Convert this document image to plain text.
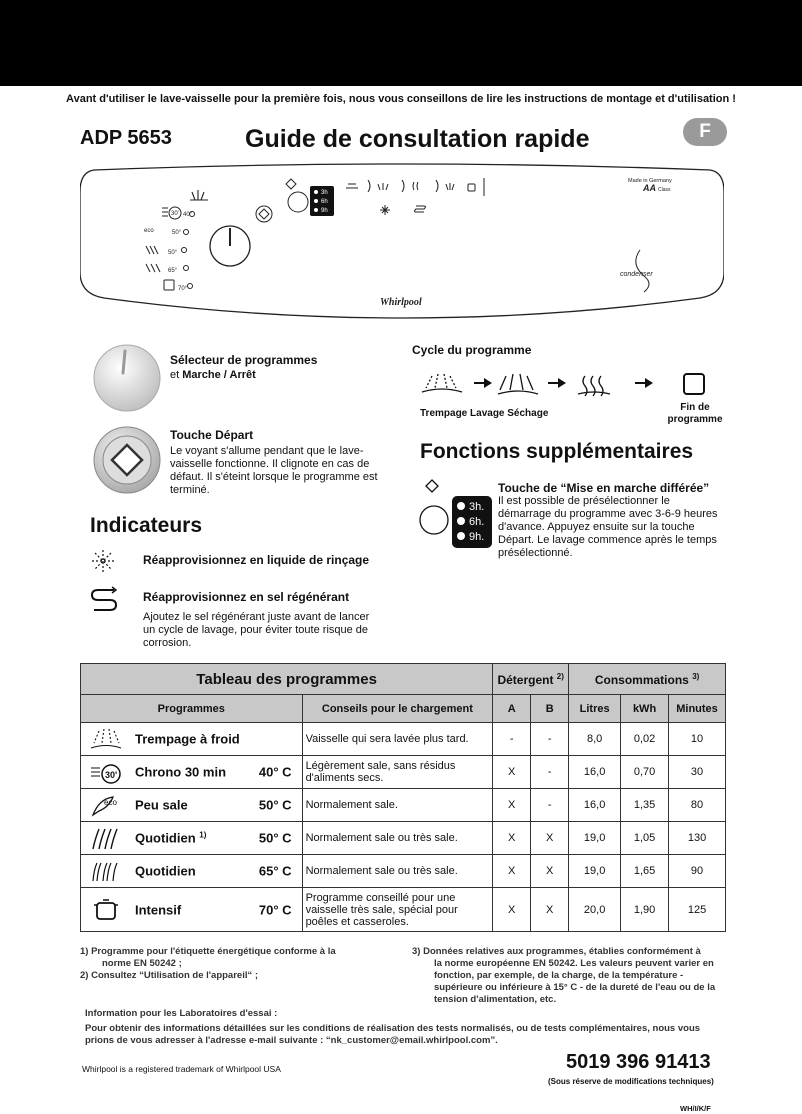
Avant d'utiliser le lave-vaisselle pour la première fois, nous vous conseillons de lire les instructions de montage et d'utilisation !
ADP 5653	Guide de consultation rapide	F
3h
6h
9h
30' 40°
eco	50°
50°
65°
70°
Made in Germany
AA Class
condenser
Whirlpool
Sélecteur de programmes
et Marche / Arrêt
Touche Départ
Le voyant s'allume pendant que le lave-vaisselle fonctionne. Il clignote en cas de défaut. Il s'éteint lorsque le programme est terminé.
Cycle du programme
Trempage Lavage Séchage
Fin de
programme
Fonctions supplémentaires
3h.
6h.
9h.
Touche de “Mise en marche différée”
Il est possible de présélectionner le démarrage du programme avec 3-6-9 heures d'avance. Appuyez ensuite sur la touche Départ. Le lavage commence après le temps présélectionné.
Indicateurs
Réapprovisionnez en liquide de rinçage
Réapprovisionnez en sel régénérant
Ajoutez le sel régénérant juste avant de lancer un cycle de lavage, pour éviter toute risque de corrosion.
Tableau des programmes		Détergent $^{2)}$		Consommations $^{3)}$
Programmes	Conseils pour le chargement	A	B	Litres	kWh	Minutes

Trempage à froid	Vaisselle qui sera lavée plus tard.	-	-	8,0	0,02	10

30' Chrono 30 min 40° C	Légèrement sale, sans résidus d'aliments secs.	X	-	16,0	0,70	30

eco Peu sale 50° C	Normalement sale.	X	-	16,0	1,35	80

Quotidien $^{1)}$ 50° C	Normalement sale ou très sale.	X	X	19,0	1,05	130

Quotidien 65° C	Normalement sale ou très sale.	X	X	19,0	1,65	90

Intensif 70° C	Programme conseillé pour une vaisselle très sale, spécial pour poêles et casseroles.	X	X	20,0	1,90	125
1) Programme pour l'étiquette énergétique conforme à la
norme EN 50242 ;
2) Consultez “Utilisation de l'appareil“ ;
3) Données relatives aux programmes, établies conformément à
la norme européenne EN 50242. Les valeurs peuvent varier en fonction, par exemple, de la charge, de la température - supérieure ou inférieure à 15° C - de la dureté de l'eau ou de la tension d'alimentation, etc.
Information pour les Laboratoires d'essai :
Pour obtenir des informations détaillées sur les conditions de réalisation des tests normalisés, ou de tests complémentaires, nous vous prions de vous adresser à l'adresse e-mail suivante : “nk_customer@email.whirlpool.com”.
Whirlpool is a registered trademark of Whirlpool USA	5019 396 91413
(Sous réserve de modifications techniques)
WH/I/K/F
